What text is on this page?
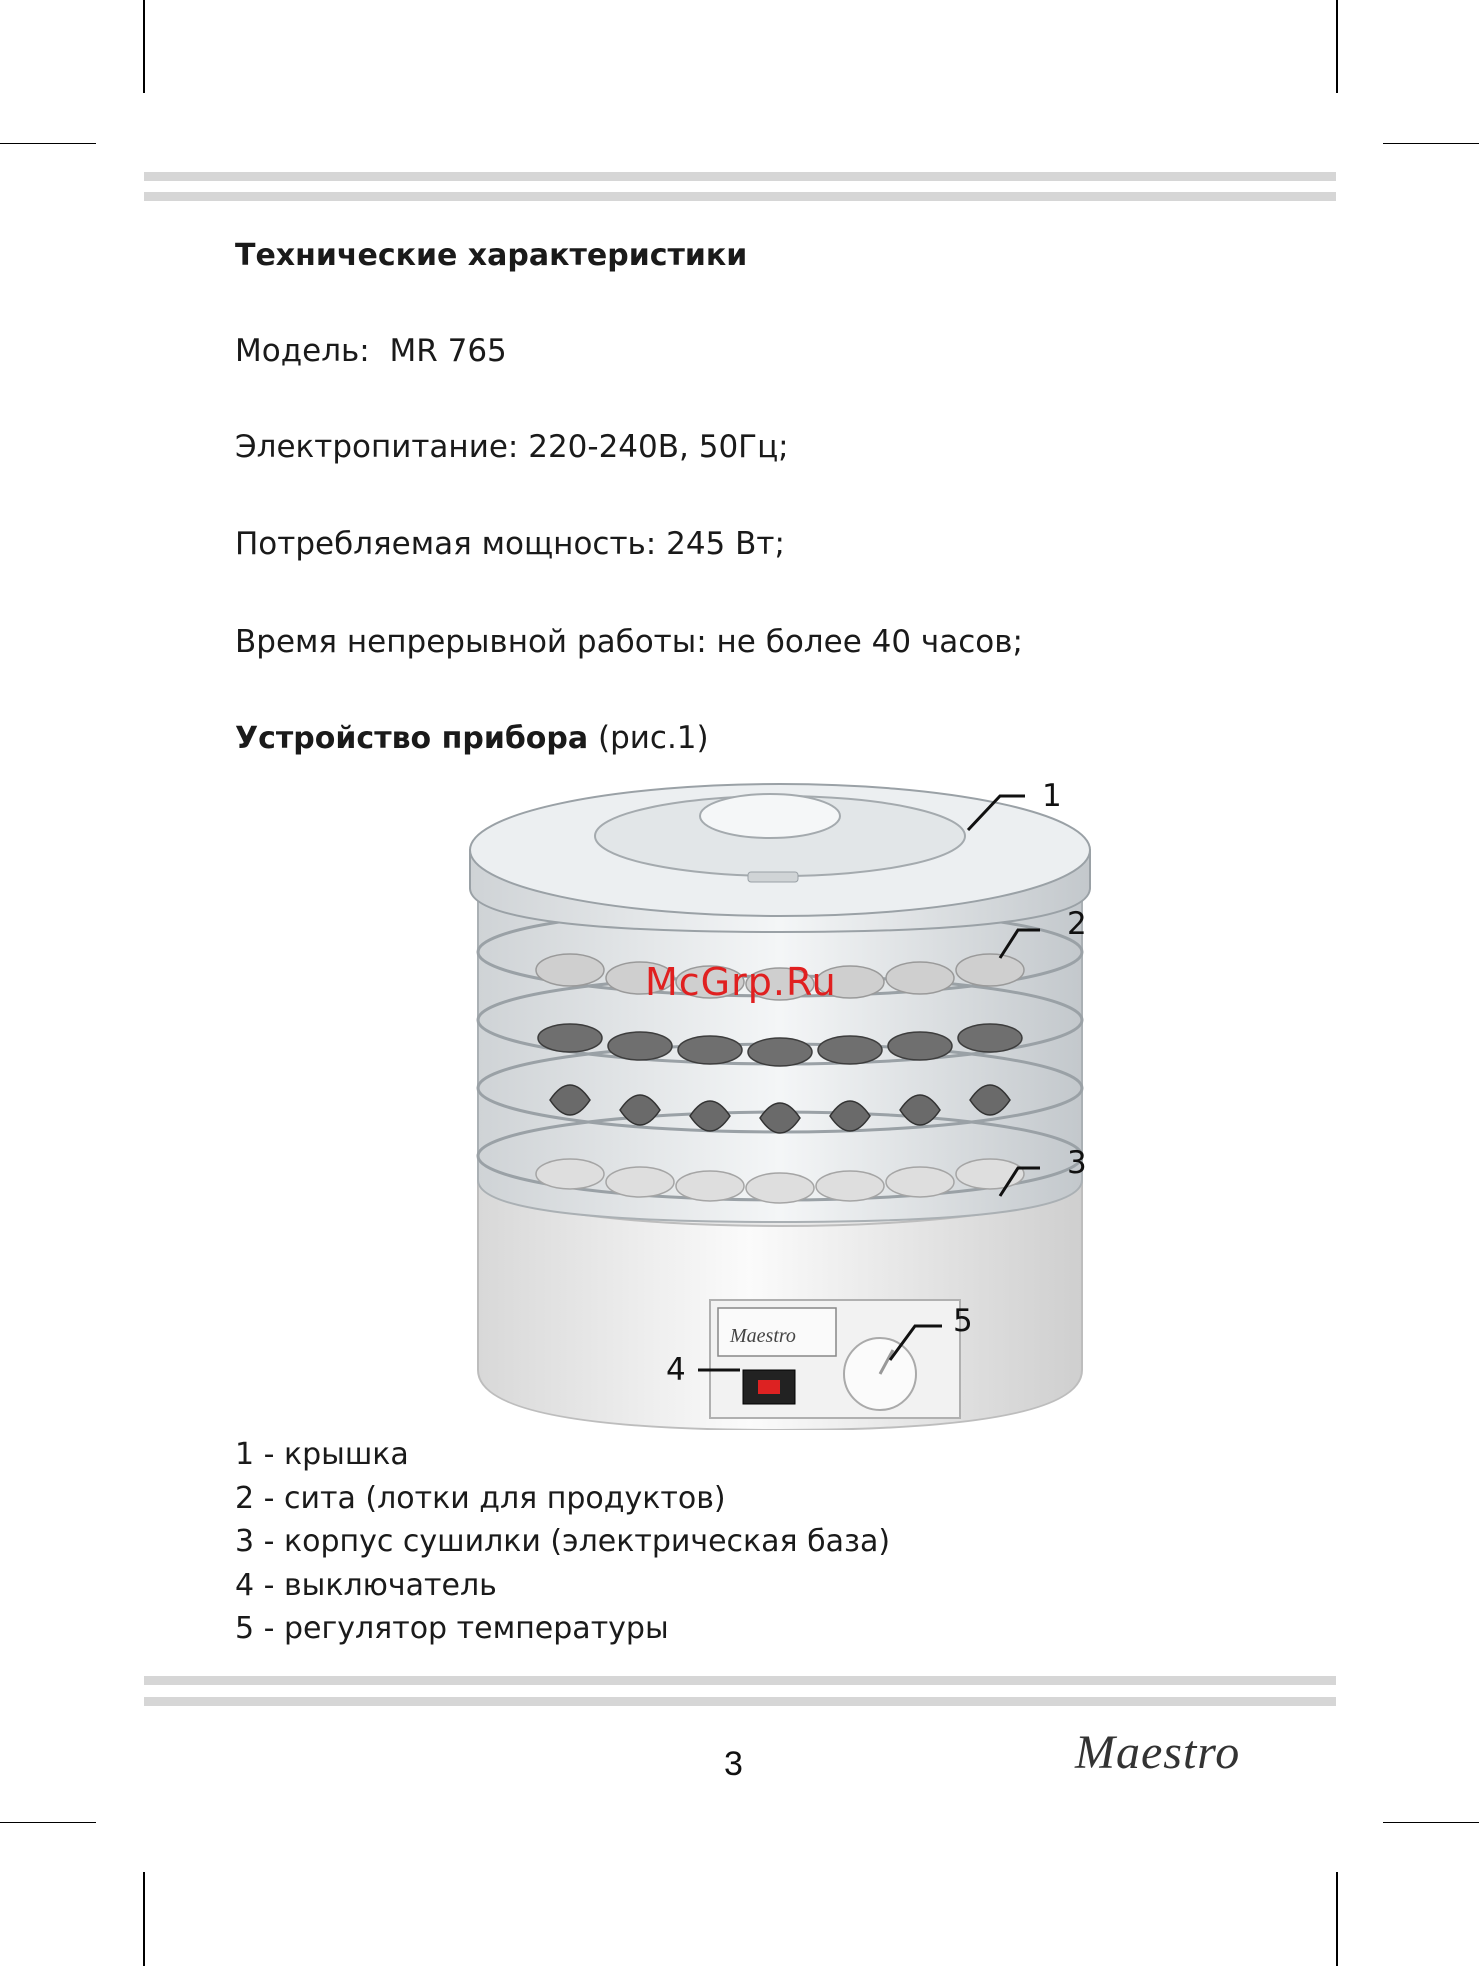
Технические характеристики
Модель: MR 765
Электропитание: 220-240В, 50Гц;
Потребляемая мощность: 245 Вт;
Время непрерывной работы: не более 40 часов;
Устройство прибора (рис.1)
Maestro
1
2
3
4
5
McGrp.Ru
1 - крышка
2 - сита (лотки для продуктов)
3 - корпус сушилки (электрическая база)
4 - выключатель
5 - регулятор температуры
3	Maestro
